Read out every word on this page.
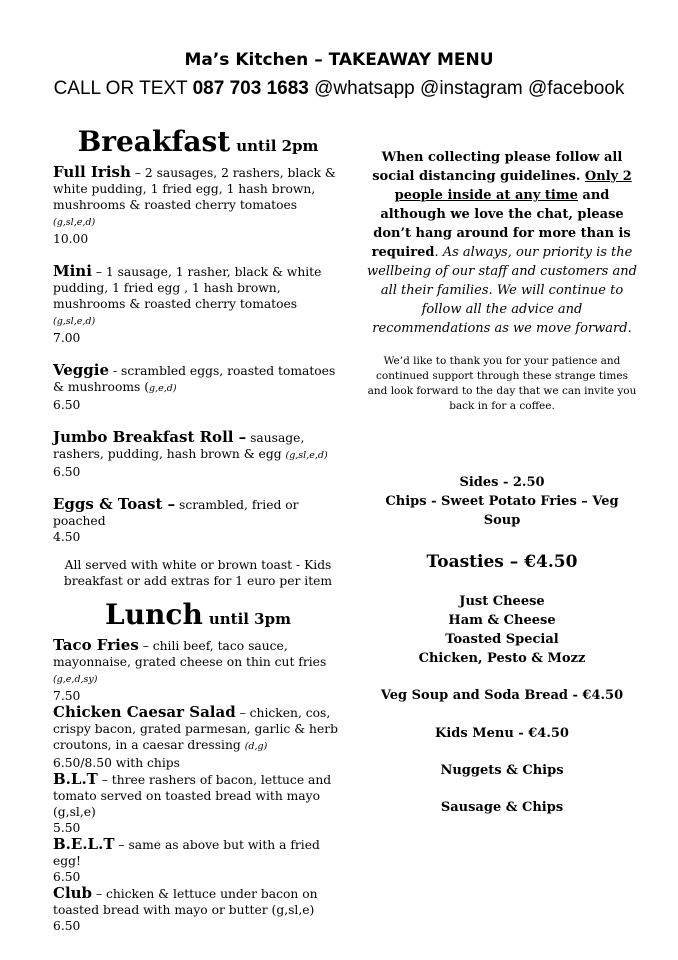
Ma’s Kitchen – TAKEAWAY MENU
CALL OR TEXT 087 703 1683 @whatsapp @instagram @facebook
Breakfast until 2pm
Full Irish – 2 sausages, 2 rashers, black & white pudding, 1 fried egg, 1 hash brown, mushrooms & roasted cherry tomatoes (g,sl,e,d)
10.00
Mini – 1 sausage, 1 rasher, black & white pudding, 1 fried egg , 1 hash brown, mushrooms & roasted cherry tomatoes (g,sl,e,d)
7.00
Veggie - scrambled eggs, roasted tomatoes & mushrooms (g,e,d)
6.50
Jumbo Breakfast Roll – sausage, rashers, pudding, hash brown & egg (g,sl,e,d)
6.50
Eggs & Toast – scrambled, fried or poached
4.50
All served with white or brown toast - Kids breakfast or add extras for 1 euro per item
Lunch until 3pm
Taco Fries – chili beef, taco sauce, mayonnaise, grated cheese on thin cut fries
(g,e,d,sy)
7.50
Chicken Caesar Salad – chicken, cos, crispy bacon, grated parmesan, garlic & herb croutons, in a caesar dressing (d,g)
6.50/8.50 with chips
B.L.T – three rashers of bacon, lettuce and tomato served on toasted bread with mayo (g,sl,e)
5.50
B.E.L.T – same as above but with a fried egg!
6.50
Club – chicken & lettuce under bacon on toasted bread with mayo or butter (g,sl,e)
6.50
When collecting please follow all social distancing guidelines. Only 2 people inside at any time and although we love the chat, please don’t hang around for more than is required. As always, our priority is the wellbeing of our staff and customers and all their families. We will continue to follow all the advice and recommendations as we move forward.
We’d like to thank you for your patience and continued support through these strange times and look forward to the day that we can invite you back in for a coffee.
Sides - 2.50
Chips - Sweet Potato Fries – Veg Soup
Toasties – €4.50
Just Cheese
Ham & Cheese
Toasted Special
Chicken, Pesto & Mozz
Veg Soup and Soda Bread - €4.50
Kids Menu - €4.50
Nuggets & Chips
Sausage & Chips
